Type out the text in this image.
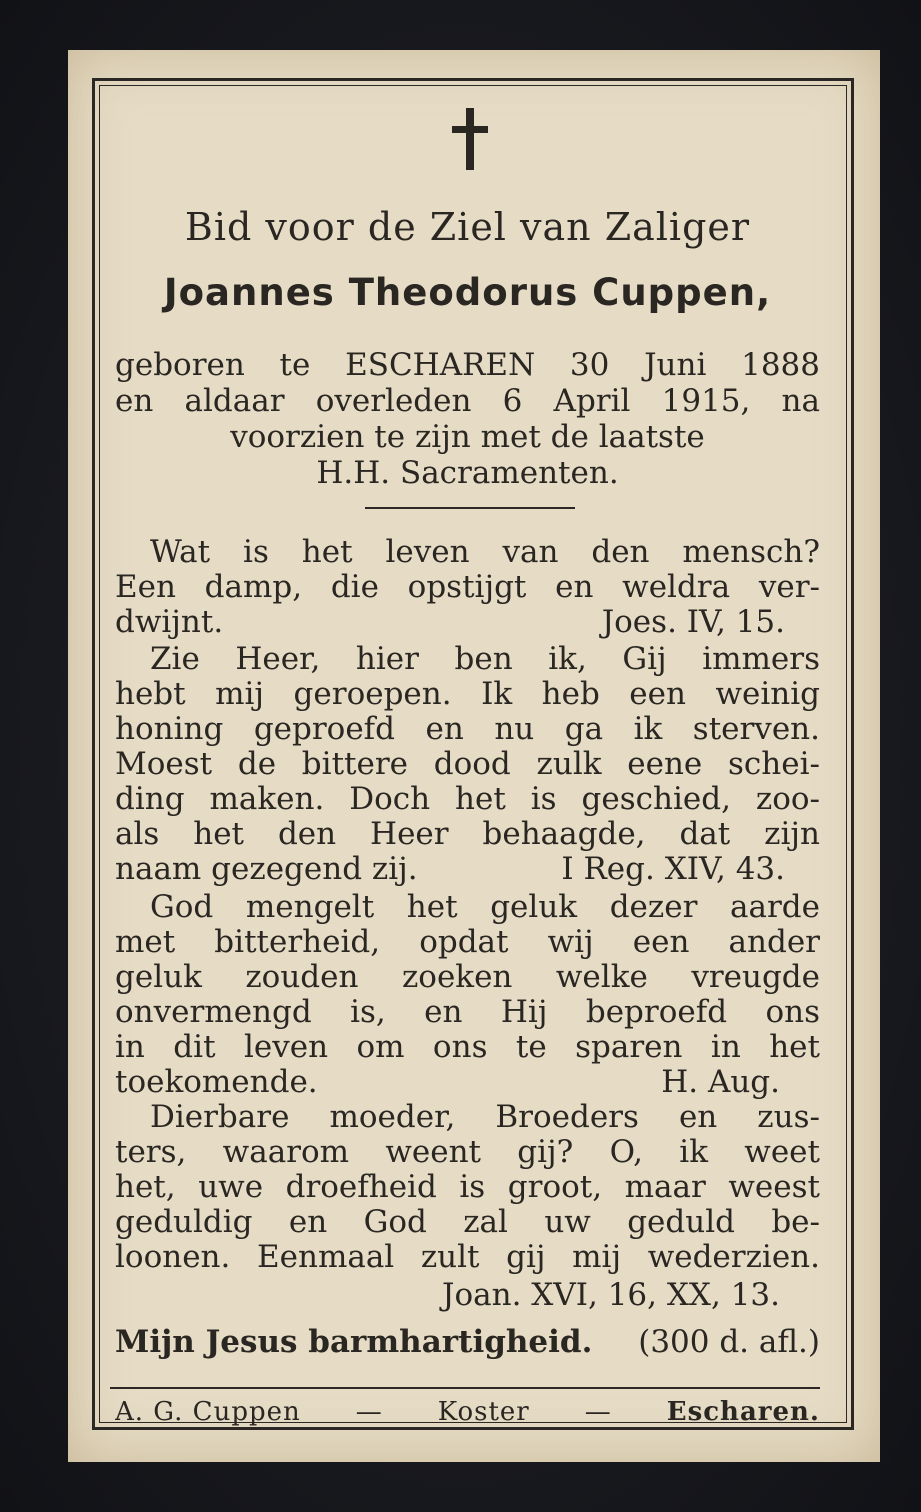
Bid voor de Ziel van Zaliger
Joannes Theodorus Cuppen,
geboren te ESCHAREN 30 Juni 1888
en aldaar overleden 6 April 1915, na
voorzien te zijn met de laatste
H.H. Sacramenten.
Wat is het leven van den mensch?
Een damp, die opstijgt en weldra ver-
dwijnt.	Joes. IV, 15.
Zie Heer, hier ben ik, Gij immers
hebt mij geroepen. Ik heb een weinig
honing geproefd en nu ga ik sterven.
Moest de bittere dood zulk eene schei-
ding maken. Doch het is geschied, zoo-
als het den Heer behaagde, dat zijn
naam gezegend zij.	I Reg. XIV, 43.
God mengelt het geluk dezer aarde
met bitterheid, opdat wij een ander
geluk zouden zoeken welke vreugde
onvermengd is, en Hij beproefd ons
in dit leven om ons te sparen in het
toekomende.	H. Aug.
Dierbare moeder, Broeders en zus-
ters, waarom weent gij? O, ik weet
het, uwe droefheid is groot, maar weest
geduldig en God zal uw geduld be-
loonen. Eenmaal zult gij mij wederzien.
Joan. XVI, 16, XX, 13.
Mijn Jesus barmhartigheid. (300 d. afl.)
A. G. Cuppen — Koster — Escharen.
